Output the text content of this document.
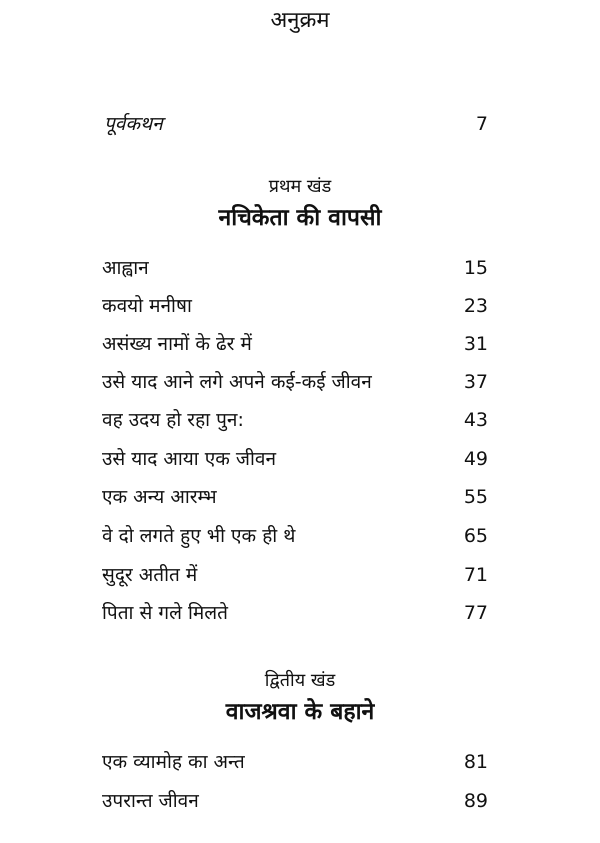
अनुक्रम
पूर्वकथन	7
प्रथम खंड
नचिकेता की वापसी
आह्वान	15
कवयो मनीषा	23
असंख्य नामों के ढेर में	31
उसे याद आने लगे अपने कई-कई जीवन	37
वह उदय हो रहा पुन:	43
उसे याद आया एक जीवन	49
एक अन्य आरम्भ	55
वे दो लगते हुए भी एक ही थे	65
सुदूर अतीत में	71
पिता से गले मिलते	77
द्वितीय खंड
वाजश्रवा के बहाने
एक व्यामोह का अन्त	81
उपरान्त जीवन	89
